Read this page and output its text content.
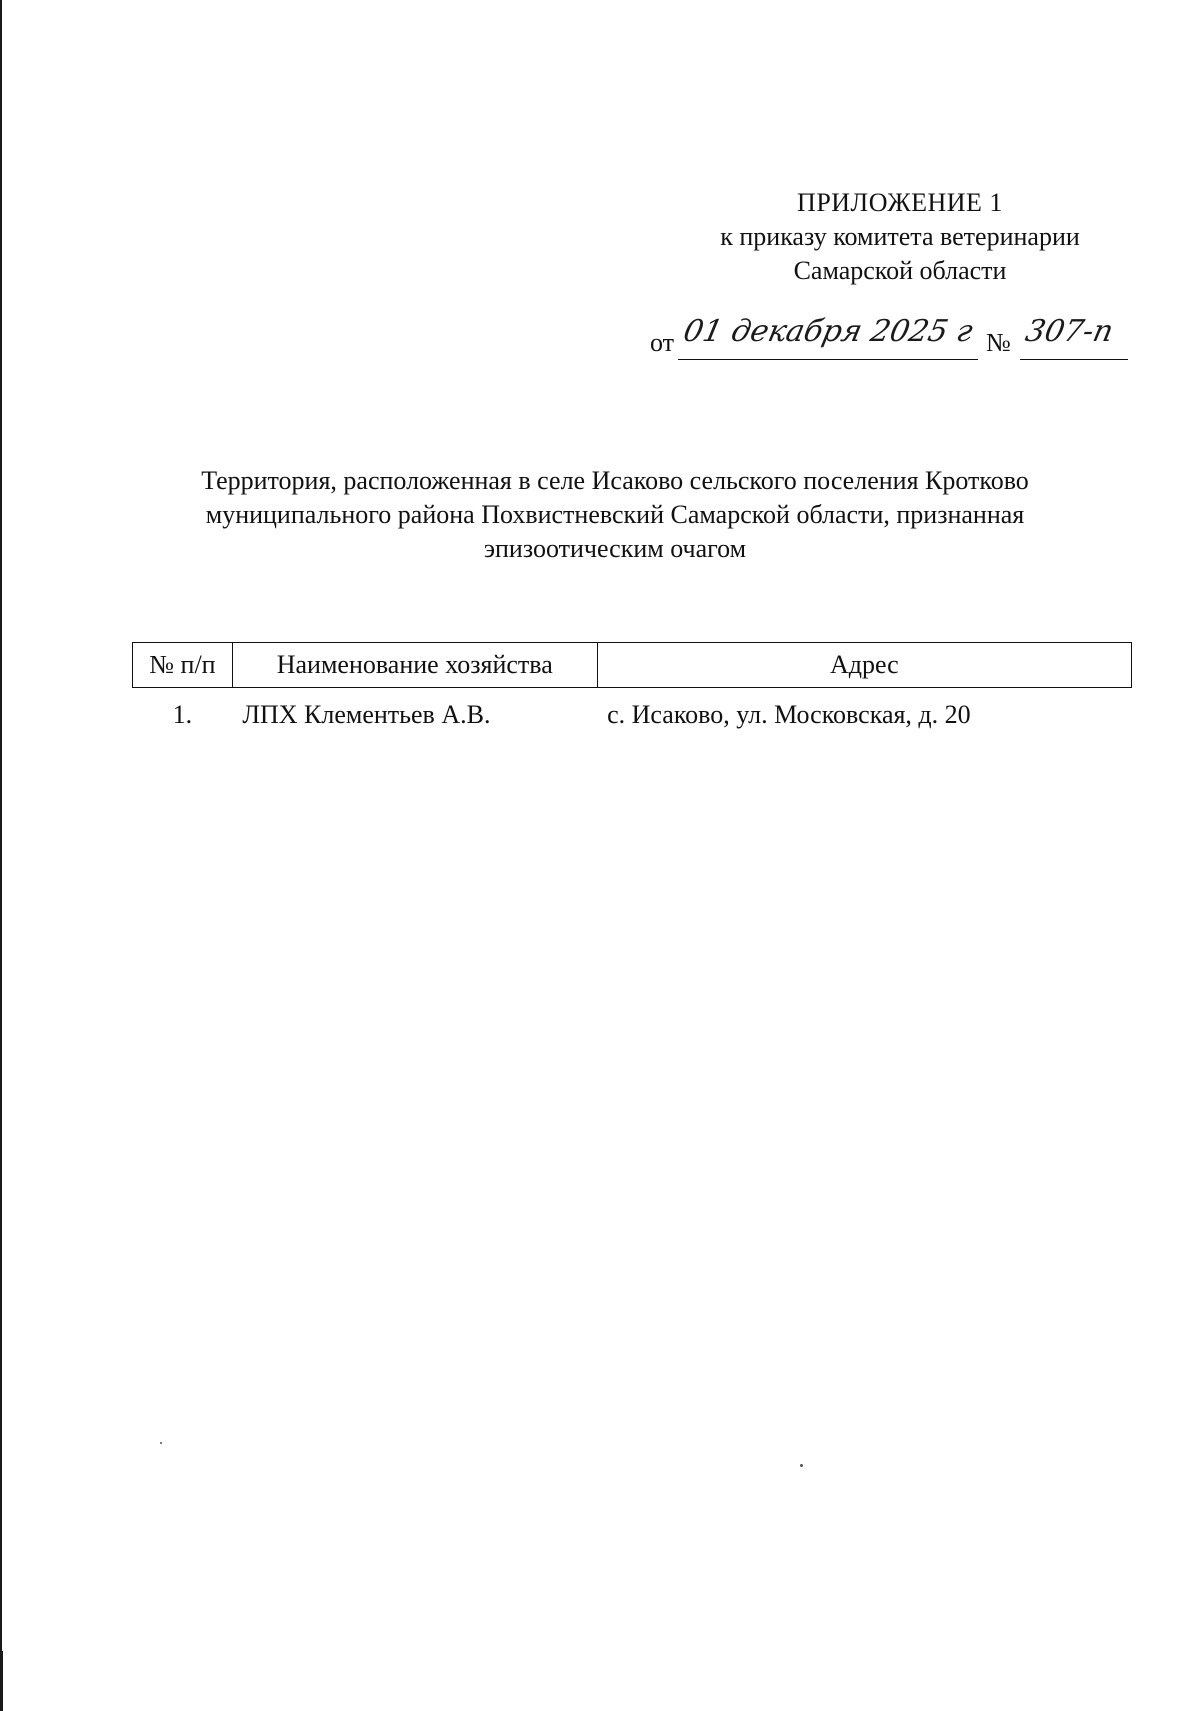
ПРИЛОЖЕНИЕ 1
к приказу комитета ветеринарии
Самарской области
от 01 декабря 2025 г № 307-п
Территория, расположенная в селе Исаково сельского поселения Кротково
муниципального района Похвистневский Самарской области, признанная
эпизоотическим очагом
№ п/п	Наименование хозяйства	Адрес
1.	ЛПХ Клементьев А.В.	с. Исаково, ул. Московская, д. 20
